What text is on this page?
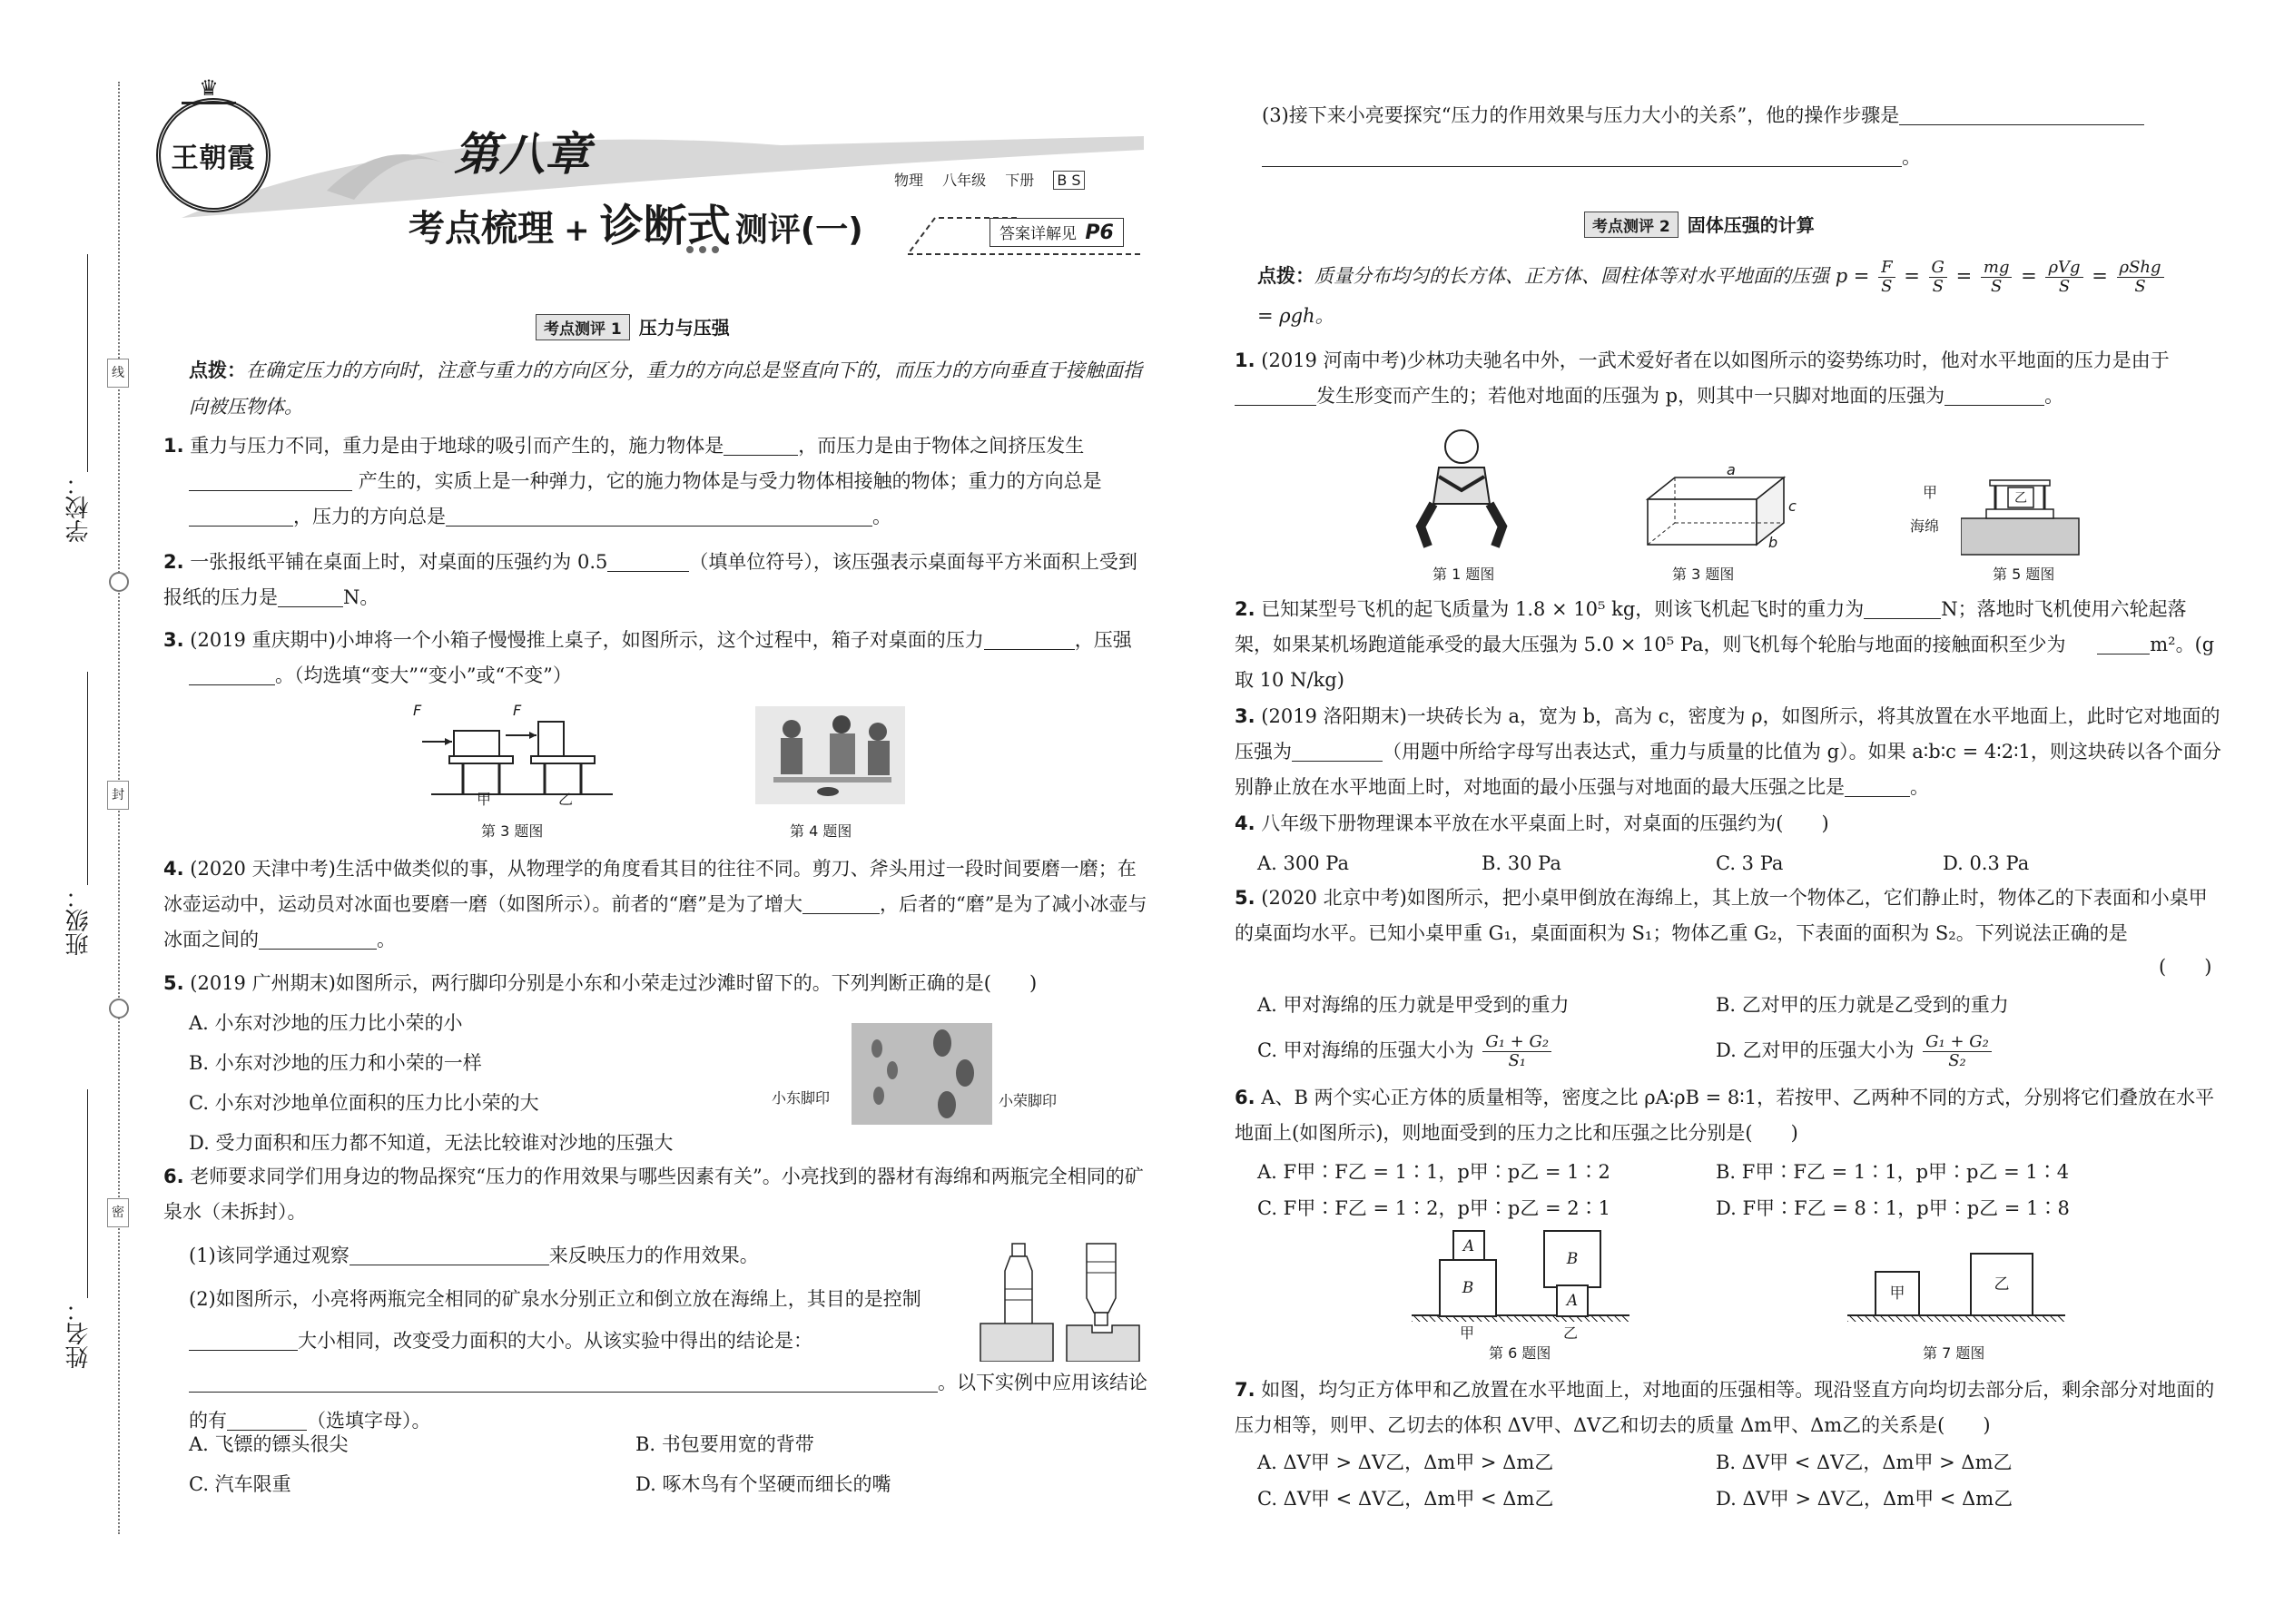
线
封
密
学校：
班级：
姓名：
王朝霞
♛
第八章
考点梳理 + 诊断式 测评(一)
物理 八年级 下册 B S
答案详解见 P6
考点测评 1 压力与压强
点拨：在确定压力的方向时，注意与重力的方向区分，重力的方向总是竖直向下的，而压力的方向垂直于接触面指向被压物体。
1. 重力与压力不同，重力是由于地球的吸引而产生的，施力物体是	，而压力是由于物体之间挤压发生  产生的，实质上是一种弹力，它的施力物体是与受力物体相接触的物体；重力的方向总是 ，压力的方向总是	。
2. 一张报纸平铺在桌面上时，对桌面的压强约为 0.5	（填单位符号），该压强表示桌面每平方米面积上受到报纸的压力是	N。
3. (2019 重庆期中)小坤将一个小箱子慢慢推上桌子，如图所示，这个过程中，箱子对桌面的压力	，压强 。（均选填“变大”“变小”或“不变”）
F	F
甲	乙
第 3 题图	第 4 题图
4. (2020 天津中考)生活中做类似的事，从物理学的角度看其目的往往不同。剪刀、斧头用过一段时间要磨一磨；在冰壶运动中，运动员对冰面也要磨一磨（如图所示）。前者的“磨”是为了增大	，后者的“磨”是为了减小冰壶与冰面之间的	。
5. (2019 广州期末)如图所示，两行脚印分别是小东和小荣走过沙滩时留下的。下列判断正确的是(　　)
A. 小东对沙地的压力比小荣的小
B. 小东对沙地的压力和小荣的一样
C. 小东对沙地单位面积的压力比小荣的大
D. 受力面积和压力都不知道，无法比较谁对沙地的压强大
小东脚印	小荣脚印
6. 老师要求同学们用身边的物品探究“压力的作用效果与哪些因素有关”。小亮找到的器材有海绵和两瓶完全相同的矿泉水（未拆封）。
(1)该同学通过观察	来反映压力的作用效果。
(2)如图所示，小亮将两瓶完全相同的矿泉水分别正立和倒立放在海绵上，其目的是控制大小相同，改变受力面积的大小。从该实验中得出的结论是：
。以下实例中应用该结论的有	（选填字母）。
A. 飞镖的镖头很尖	B. 书包要用宽的背带
C. 汽车限重	D. 啄木鸟有个坚硬而细长的嘴
(3)接下来小亮要探究“压力的作用效果与压力大小的关系”，他的操作步骤是
。
考点测评 2 固体压强的计算
点拨：质量分布均匀的长方体、正方体、圆柱体等对水平地面的压强 $p = \frac{F}{S} = \frac{G}{S} = \frac{mg}{S} = \frac{\text{ρVg}}{S} = \frac{\text{ρShg}}{S}$

= ρgh。
1. (2019 河南中考)少林功夫驰名中外，一武术爱好者在以如图所示的姿势练功时，他对水平地面的压力是由于发生形变而产生的；若他对地面的压强为 p，则其中一只脚对地面的压强为	。
第 1 题图
a
c
b
第 3 题图
甲	乙
海绵
第 5 题图
2. 已知某型号飞机的起飞质量为 1.8 × 10⁵ kg，则该飞机起飞时的重力为	N；落地时飞机使用六轮起落架，如果某机场跑道能承受的最大压强为 5.0 × 10⁵ Pa，则飞机每个轮胎与地面的接触面积至少为	m²。(g 取 10 N/kg)
3. (2019 洛阳期末)一块砖长为 a，宽为 b，高为 c，密度为 ρ，如图所示，将其放置在水平地面上，此时它对地面的压强为	（用题中所给字母写出表达式，重力与质量的比值为 g）。如果 a∶b∶c = 4∶2∶1，则这块砖以各个面分别静止放在水平地面上时，对地面的最小压强与对地面的最大压强之比是	。
4. 八年级下册物理课本平放在水平桌面上时，对桌面的压强约为(　　)
A. 300 Pa	B. 30 Pa	C. 3 Pa	D. 0.3 Pa
5. (2020 北京中考)如图所示，把小桌甲倒放在海绵上，其上放一个物体乙，它们静止时，物体乙的下表面和小桌甲的桌面均水平。已知小桌甲重 G₁，桌面面积为 S₁；物体乙重 G₂，下表面的面积为 S₂。下列说法正确的是
(　　)
A. 甲对海绵的压力就是甲受到的重力	B. 乙对甲的压力就是乙受到的重力
C. 甲对海绵的压强大小为 $\frac{\text{G₁ + G₂}}{\text{S₁}}$	D. 乙对甲的压强大小为 $\frac{\text{G₁ + G₂}}{\text{S₂}}$
6. A、B 两个实心正方体的质量相等，密度之比 ρA∶ρB = 8∶1，若按甲、乙两种不同的方式，分别将它们叠放在水平地面上(如图所示)，则地面受到的压力之比和压强之比分别是(　　)
A. F甲∶F乙 = 1∶1，p甲∶p乙 = 1∶2	B. F甲∶F乙 = 1∶1，p甲∶p乙 = 1∶4
C. F甲∶F乙 = 1∶2，p甲∶p乙 = 2∶1	D. F甲∶F乙 = 8∶1，p甲∶p乙 = 1∶8
A
B
B
A
甲	乙
第 6 题图
甲	乙
第 7 题图
7. 如图，均匀正方体甲和乙放置在水平地面上，对地面的压强相等。现沿竖直方向均切去部分后，剩余部分对地面的压力相等，则甲、乙切去的体积 ΔV甲、ΔV乙和切去的质量 Δm甲、Δm乙的关系是(　　)
A. ΔV甲 > ΔV乙，Δm甲 > Δm乙	B. ΔV甲 < ΔV乙，Δm甲 > Δm乙
C. ΔV甲 < ΔV乙，Δm甲 < Δm乙	D. ΔV甲 > ΔV乙，Δm甲 < Δm乙
